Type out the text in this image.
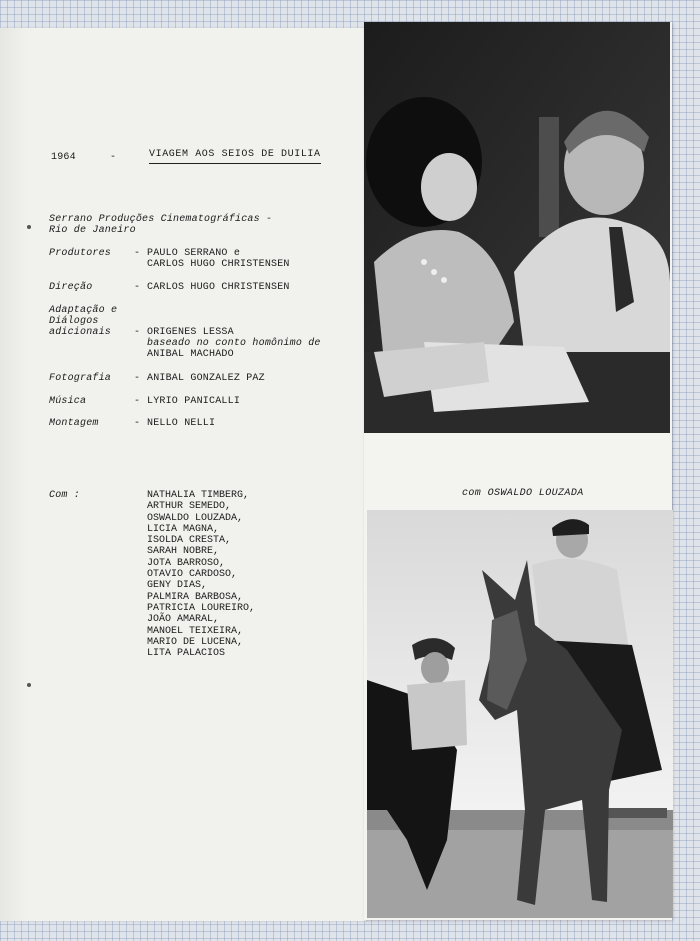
1964	-	VIAGEM AOS SEIOS DE DUILIA
Serrano Produções Cinematográficas -
Rio de Janeiro
Produtores - PAULO SERRANO e
CARLOS HUGO CHRISTENSEN
Direção	- CARLOS HUGO CHRISTENSEN
Adaptação e
Diálogos
adicionais - ORIGENES LESSA
baseado no conto homônimo de
ANIBAL MACHADO
Fotografia - ANIBAL GONZALEZ PAZ
Música	- LYRIO PANICALLI
Montagem	- NELLO NELLI
Com :	NATHALIA TIMBERG,
ARTHUR SEMEDO,
OSWALDO LOUZADA,
LICIA MAGNA,
ISOLDA CRESTA,
SARAH NOBRE,
JOTA BARROSO,
OTAVIO CARDOSO,
GENY DIAS,
PALMIRA BARBOSA,
PATRICIA LOUREIRO,
JOÃO AMARAL,
MANOEL TEIXEIRA,
MARIO DE LUCENA,
LITA PALACIOS
com OSWALDO LOUZADA
